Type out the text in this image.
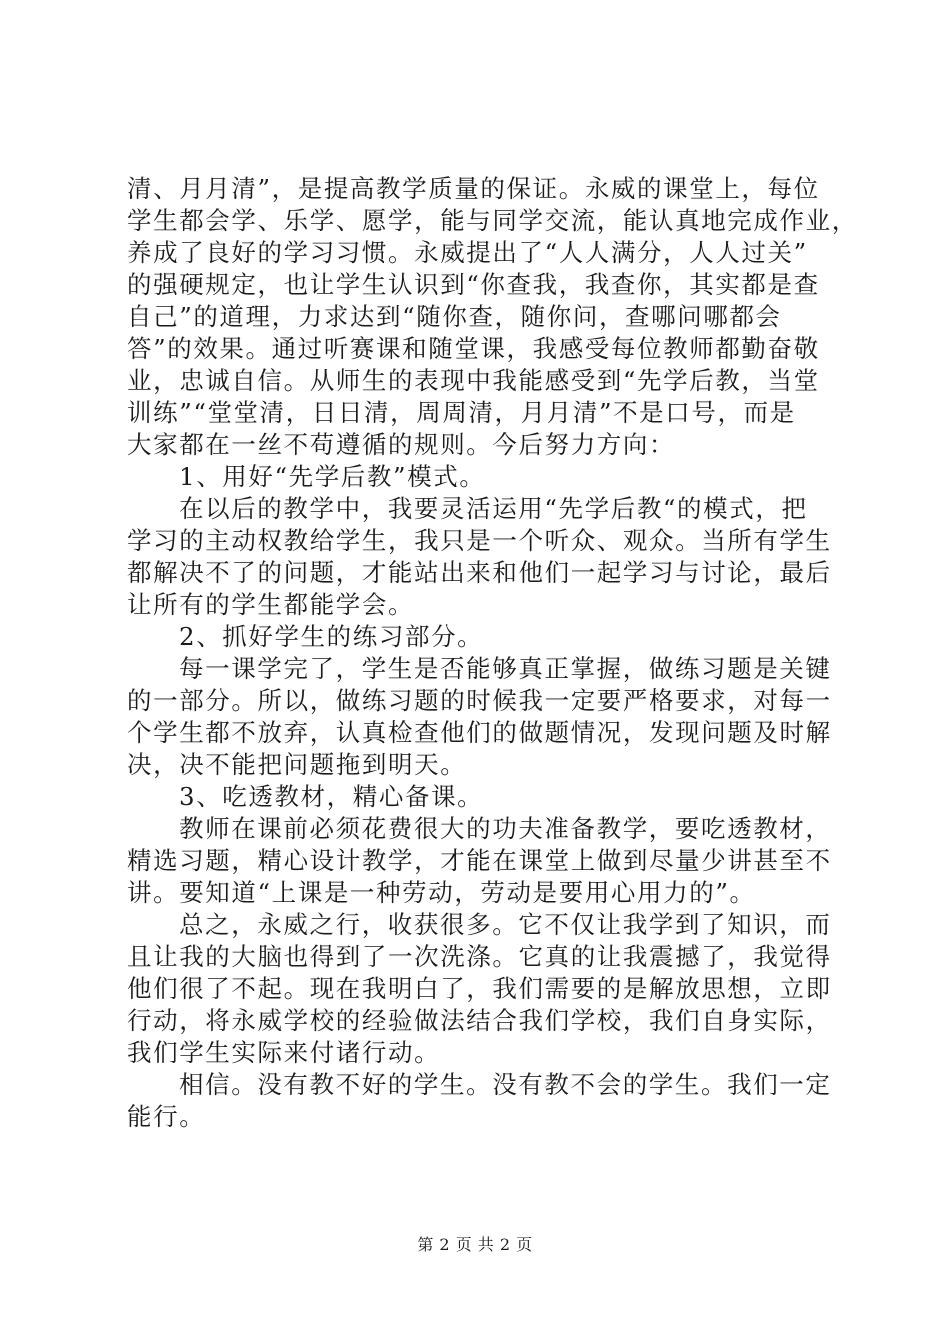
清、月月清”，是提高教学质量的保证。永威的课堂上，每位
学生都会学、乐学、愿学，能与同学交流，能认真地完成作业，
养成了良好的学习习惯。永威提出了“人人满分，人人过关”
的强硬规定，也让学生认识到“你查我，我查你，其实都是查
自己”的道理，力求达到“随你查，随你问，查哪问哪都会
答”的效果。通过听赛课和随堂课，我感受每位教师都勤奋敬
业，忠诚自信。从师生的表现中我能感受到“先学后教，当堂
训练”“堂堂清，日日清，周周清，月月清”不是口号，而是
大家都在一丝不苟遵循的规则。今后努力方向：
1、用好“先学后教”模式。
在以后的教学中，我要灵活运用“先学后教“的模式，把
学习的主动权教给学生，我只是一个听众、观众。当所有学生
都解决不了的问题，才能站出来和他们一起学习与讨论，最后
让所有的学生都能学会。
2、抓好学生的练习部分。
每一课学完了，学生是否能够真正掌握，做练习题是关键
的一部分。所以，做练习题的时候我一定要严格要求，对每一
个学生都不放弃，认真检查他们的做题情况，发现问题及时解
决，决不能把问题拖到明天。
3、吃透教材，精心备课。
教师在课前必须花费很大的功夫准备教学，要吃透教材，
精选习题，精心设计教学，才能在课堂上做到尽量少讲甚至不
讲。要知道“上课是一种劳动，劳动是要用心用力的”。
总之，永威之行，收获很多。它不仅让我学到了知识，而
且让我的大脑也得到了一次洗涤。它真的让我震撼了，我觉得
他们很了不起。现在我明白了，我们需要的是解放思想，立即
行动，将永威学校的经验做法结合我们学校，我们自身实际，
我们学生实际来付诸行动。
相信。没有教不好的学生。没有教不会的学生。我们一定
能行。
第 2 页 共 2 页
